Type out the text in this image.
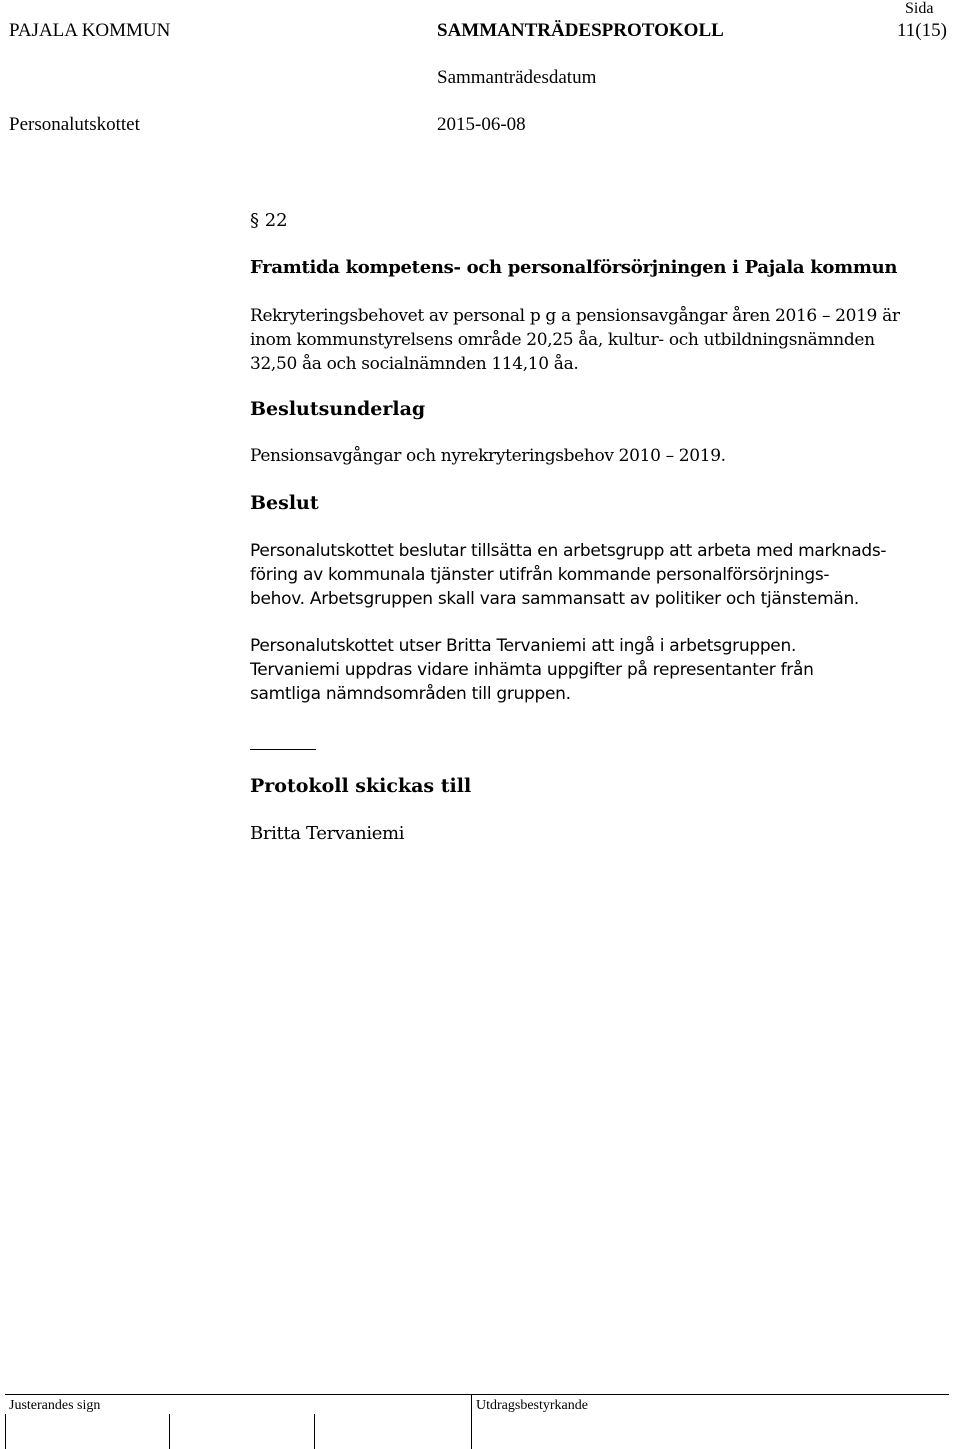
PAJALA KOMMUN	SAMMANTRÄDESPROTOKOLL
Sida
11(15)
Sammanträdesdatum
Personalutskottet	2015-06-08
§ 22
Framtida kompetens- och personalförsörjningen i Pajala kommun
Rekryteringsbehovet av personal p g a pensionsavgångar åren 2016 – 2019 är
inom kommunstyrelsens område 20,25 åa, kultur- och utbildningsnämnden
32,50 åa och socialnämnden 114,10 åa.
Beslutsunderlag
Pensionsavgångar och nyrekryteringsbehov 2010 – 2019.
Beslut
Personalutskottet beslutar tillsätta en arbetsgrupp att arbeta med marknads-
föring av kommunala tjänster utifrån kommande personalförsörjnings-
behov. Arbetsgruppen skall vara sammansatt av politiker och tjänstemän.
Personalutskottet utser Britta Tervaniemi att ingå i arbetsgruppen.
Tervaniemi uppdras vidare inhämta uppgifter på representanter från
samtliga nämndsområden till gruppen.
Protokoll skickas till
Britta Tervaniemi
Justerandes sign	Utdragsbestyrkande
